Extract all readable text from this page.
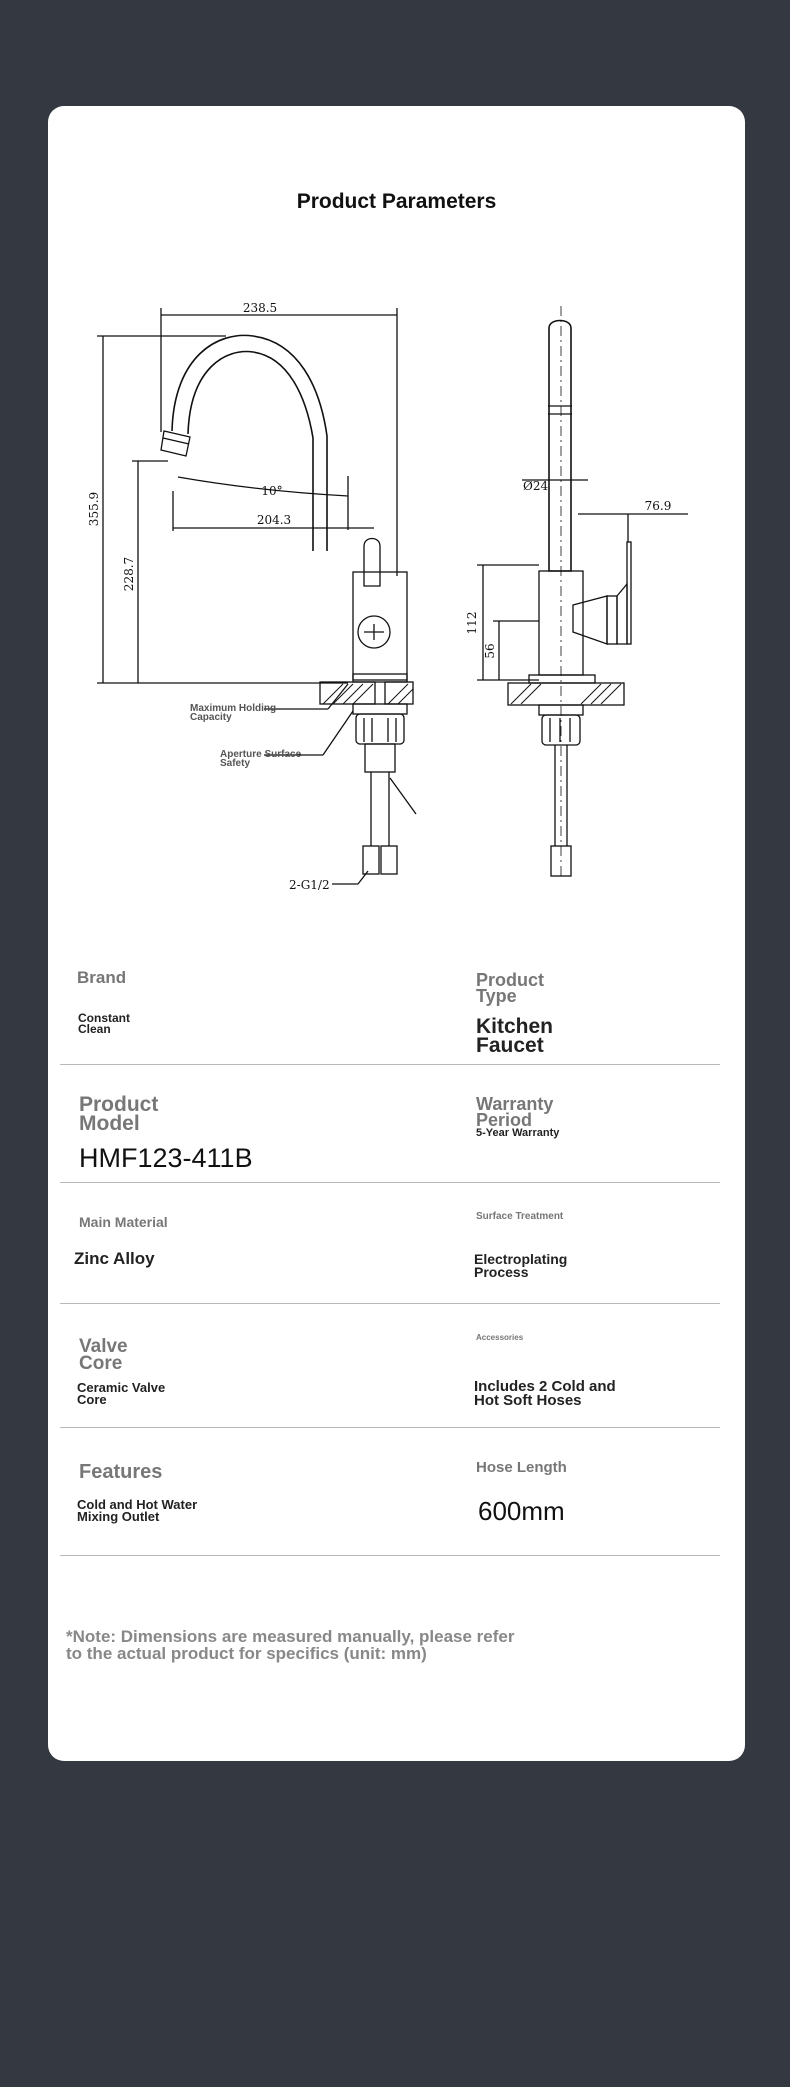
Product Parameters
238.5
355.9
228.7
10°
204.3
Ø24
76.9
112
56
2-G1/2
Maximum Holding
Capacity
Aperture Surface
Safety
Brand
Constant
Clean
Product
Type
Kitchen
Faucet
Product
Model
HMF123-411B
Warranty
Period
5-Year Warranty
Main Material
Zinc Alloy
Surface Treatment
Electroplating
Process
Valve
Core
Ceramic Valve
Core
Accessories
Includes 2 Cold and
Hot Soft Hoses
Features
Cold and Hot Water
Mixing Outlet
Hose Length
600mm
*Note: Dimensions are measured manually, please refer
to the actual product for specifics (unit: mm)
